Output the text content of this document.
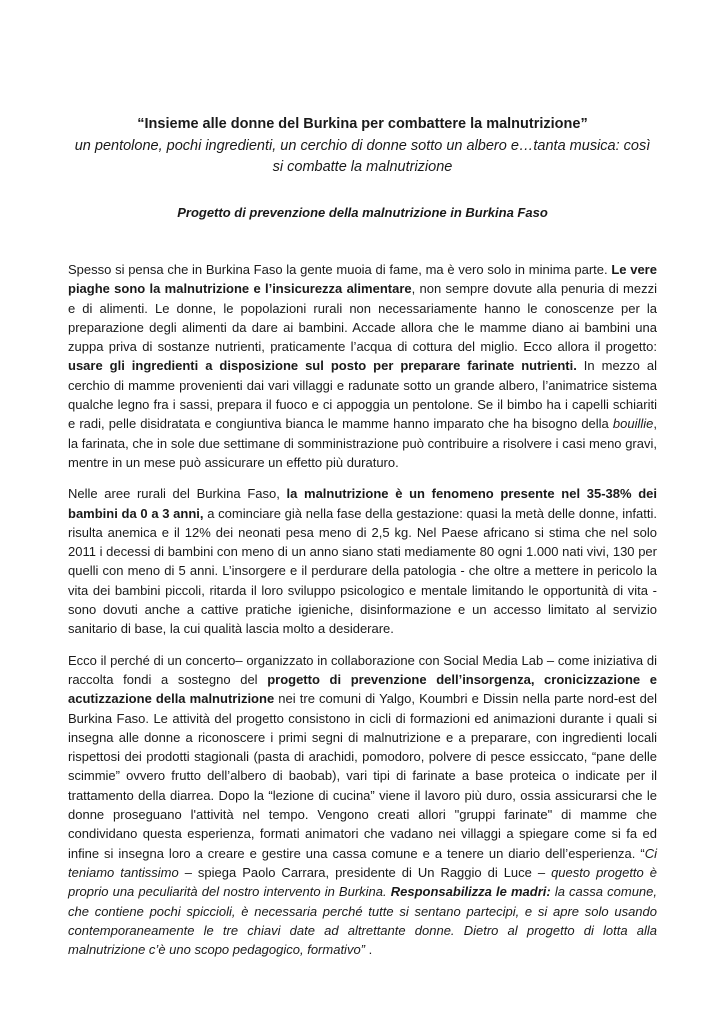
“Insieme alle donne del Burkina per combattere la malnutrizione”

un pentolone, pochi ingredienti, un cerchio di donne sotto un albero e…tanta musica: così si combatte la malnutrizione

Progetto di prevenzione della malnutrizione in Burkina Faso

Spesso si pensa che in Burkina Faso la gente muoia di fame, ma è vero solo in minima parte. Le vere piaghe sono la malnutrizione e l’insicurezza alimentare, non sempre dovute alla penuria di mezzi e di alimenti. Le donne, le popolazioni rurali non necessariamente hanno le conoscenze per la preparazione degli alimenti da dare ai bambini. Accade allora che le mamme diano ai bambini una zuppa priva di sostanze nutrienti, praticamente l’acqua di cottura del miglio. Ecco allora il progetto: usare gli ingredienti a disposizione sul posto per preparare farinate nutrienti. In mezzo al cerchio di mamme provenienti dai vari villaggi e radunate sotto un grande albero, l’animatrice sistema qualche legno fra i sassi, prepara il fuoco e ci appoggia un pentolone. Se il bimbo ha i capelli schiariti e radi, pelle disidratata e congiuntiva bianca le mamme hanno imparato che ha bisogno della bouillie, la farinata, che in sole due settimane di somministrazione può contribuire a risolvere i casi meno gravi, mentre in un mese può assicurare un effetto più duraturo.

Nelle aree rurali del Burkina Faso, la malnutrizione è un fenomeno presente nel 35-38% dei bambini da 0 a 3 anni, a cominciare già nella fase della gestazione: quasi la metà delle donne, infatti. risulta anemica e il 12% dei neonati pesa meno di 2,5 kg. Nel Paese africano si stima che nel solo 2011 i decessi di bambini con meno di un anno siano stati mediamente 80 ogni 1.000 nati vivi, 130 per quelli con meno di 5 anni. L’insorgere e il perdurare della patologia - che oltre a mettere in pericolo la vita dei bambini piccoli, ritarda il loro sviluppo psicologico e mentale limitando le opportunità di vita - sono dovuti anche a cattive pratiche igieniche, disinformazione e un accesso limitato al servizio sanitario di base, la cui qualità lascia molto a desiderare.

Ecco il perché di un concerto– organizzato in collaborazione con Social Media Lab – come iniziativa di raccolta fondi a sostegno del progetto di prevenzione dell’insorgenza, cronicizzazione e acutizzazione della malnutrizione nei tre comuni di Yalgo, Koumbri e Dissin nella parte nord-est del Burkina Faso. Le attività del progetto consistono in cicli di formazioni ed animazioni durante i quali si insegna alle donne a riconoscere i primi segni di malnutrizione e a preparare, con ingredienti locali rispettosi dei prodotti stagionali (pasta di arachidi, pomodoro, polvere di pesce essiccato, “pane delle scimmie” ovvero frutto dell’albero di baobab), vari tipi di farinate a base proteica o indicate per il trattamento della diarrea. Dopo la “lezione di cucina” viene il lavoro più duro, ossia assicurarsi che le donne proseguano l'attività nel tempo. Vengono creati allori "gruppi farinate" di mamme che condividano questa esperienza, formati animatori che vadano nei villaggi a spiegare come si fa ed infine si insegna loro a creare e gestire una cassa comune e a tenere un diario dell’esperienza. “Ci teniamo tantissimo – spiega Paolo Carrara, presidente di Un Raggio di Luce – questo progetto è proprio una peculiarità del nostro intervento in Burkina. Responsabilizza le madri: la cassa comune, che contiene pochi spiccioli, è necessaria perché tutte si sentano partecipi, e si apre solo usando contemporaneamente le tre chiavi date ad altrettante donne. Dietro al progetto di lotta alla malnutrizione c’è uno scopo pedagogico, formativo” .
